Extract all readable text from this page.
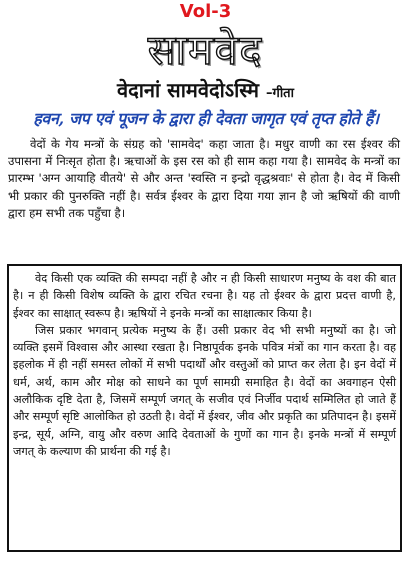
Vol-3
सामवेद
वेदानां सामवेदोऽस्मि –गीता
हवन, जप एवं पूजन के द्वारा ही देवता जागृत एवं तृप्त होते हैं।

वेदों के गेय मन्त्रों के संग्रह को 'सामवेद' कहा जाता है। मधुर वाणी का रस ईश्वर की उपासना में निःसृत होता है। ऋचाओं के इस रस को ही साम कहा गया है। सामवेद के मन्त्रों का प्रारम्भ 'अग्न आयाहि वीतये' से और अन्त 'स्वस्ति न इन्द्रो वृद्धश्रवाः' से होता है। वेद में किसी भी प्रकार की पुनरुक्ति नहीं है। सर्वत्र ईश्वर के द्वारा दिया गया ज्ञान है जो ऋषियों की वाणी द्वारा हम सभी तक पहुँचा है।

वेद किसी एक व्यक्ति की सम्पदा नहीं है और न ही किसी साधारण मनुष्य के वश की बात है। न ही किसी विशेष व्यक्ति के द्वारा रचित रचना है। यह तो ईश्वर के द्वारा प्रदत्त वाणी है, ईश्वर का साक्षात् स्वरूप है। ऋषियों ने इनके मन्त्रों का साक्षात्कार किया है।

जिस प्रकार भगवान् प्रत्येक मनुष्य के हैं। उसी प्रकार वेद भी सभी मनुष्यों का है। जो व्यक्ति इसमें विश्वास और आस्था रखता है। निष्ठापूर्वक इनके पवित्र मंत्रों का गान करता है। वह इहलोक में ही नहीं समस्त लोकों में सभी पदार्थों और वस्तुओं को प्राप्त कर लेता है। इन वेदों में धर्म, अर्थ, काम और मोक्ष को साधने का पूर्ण सामग्री समाहित है। वेदों का अवगाहन ऐसी अलौकिक दृष्टि देता है, जिसमें सम्पूर्ण जगत् के सजीव एवं निर्जीव पदार्थ सम्मिलित हो जाते हैं और सम्पूर्ण सृष्टि आलोकित हो उठती है। वेदों में ईश्वर, जीव और प्रकृति का प्रतिपादन है। इसमें इन्द्र, सूर्य, अग्नि, वायु और वरुण आदि देवताओं के गुणों का गान है। इनके मन्त्रों में सम्पूर्ण जगत् के कल्याण की प्रार्थना की गई है।
